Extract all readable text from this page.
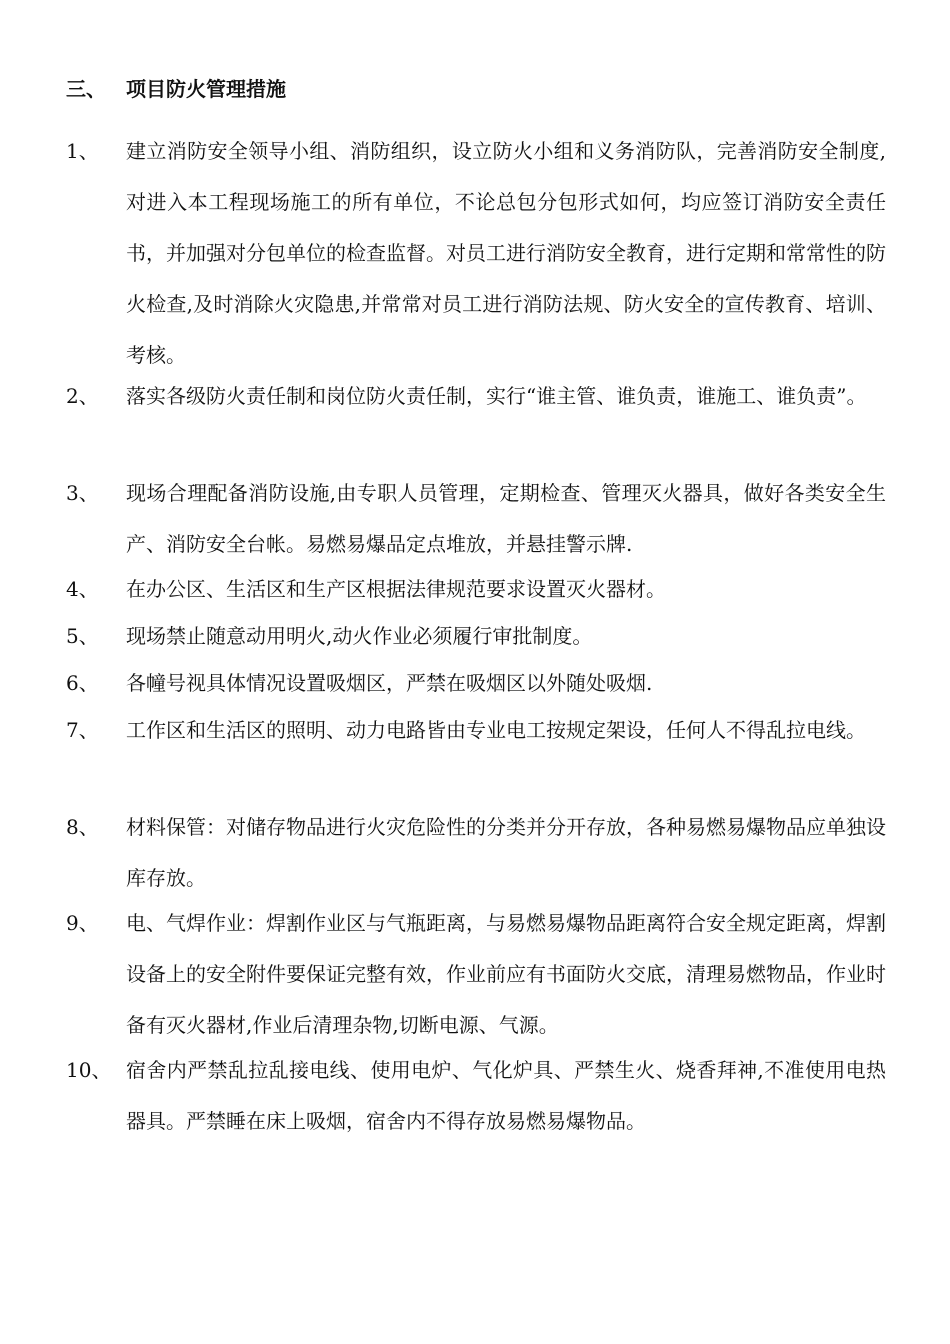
三、 项目防火管理措施
1、	建立消防安全领导小组、消防组织，设立防火小组和义务消防队，完善消防安全制度,对进入本工程现场施工的所有单位，不论总包分包形式如何，均应签订消防安全责任书，并加强对分包单位的检查监督。对员工进行消防安全教育，进行定期和常常性的防火检查,及时消除火灾隐患,并常常对员工进行消防法规、防火安全的宣传教育、培训、考核。
2、	落实各级防火责任制和岗位防火责任制，实行“谁主管、谁负责，谁施工、谁负责”。
3、	现场合理配备消防设施,由专职人员管理，定期检查、管理灭火器具，做好各类安全生产、消防安全台帐。易燃易爆品定点堆放，并悬挂警示牌.
4、	在办公区、生活区和生产区根据法律规范要求设置灭火器材。
5、	现场禁止随意动用明火,动火作业必须履行审批制度。
6、	各幢号视具体情况设置吸烟区，严禁在吸烟区以外随处吸烟.
7、	工作区和生活区的照明、动力电路皆由专业电工按规定架设，任何人不得乱拉电线。
8、	材料保管：对储存物品进行火灾危险性的分类并分开存放，各种易燃易爆物品应单独设库存放。
9、	电、气焊作业：焊割作业区与气瓶距离，与易燃易爆物品距离符合安全规定距离，焊割设备上的安全附件要保证完整有效，作业前应有书面防火交底，清理易燃物品，作业时备有灭火器材,作业后清理杂物,切断电源、气源。
10、 宿舍内严禁乱拉乱接电线、使用电炉、气化炉具、严禁生火、烧香拜神,不准使用电热器具。严禁睡在床上吸烟，宿舍内不得存放易燃易爆物品。
